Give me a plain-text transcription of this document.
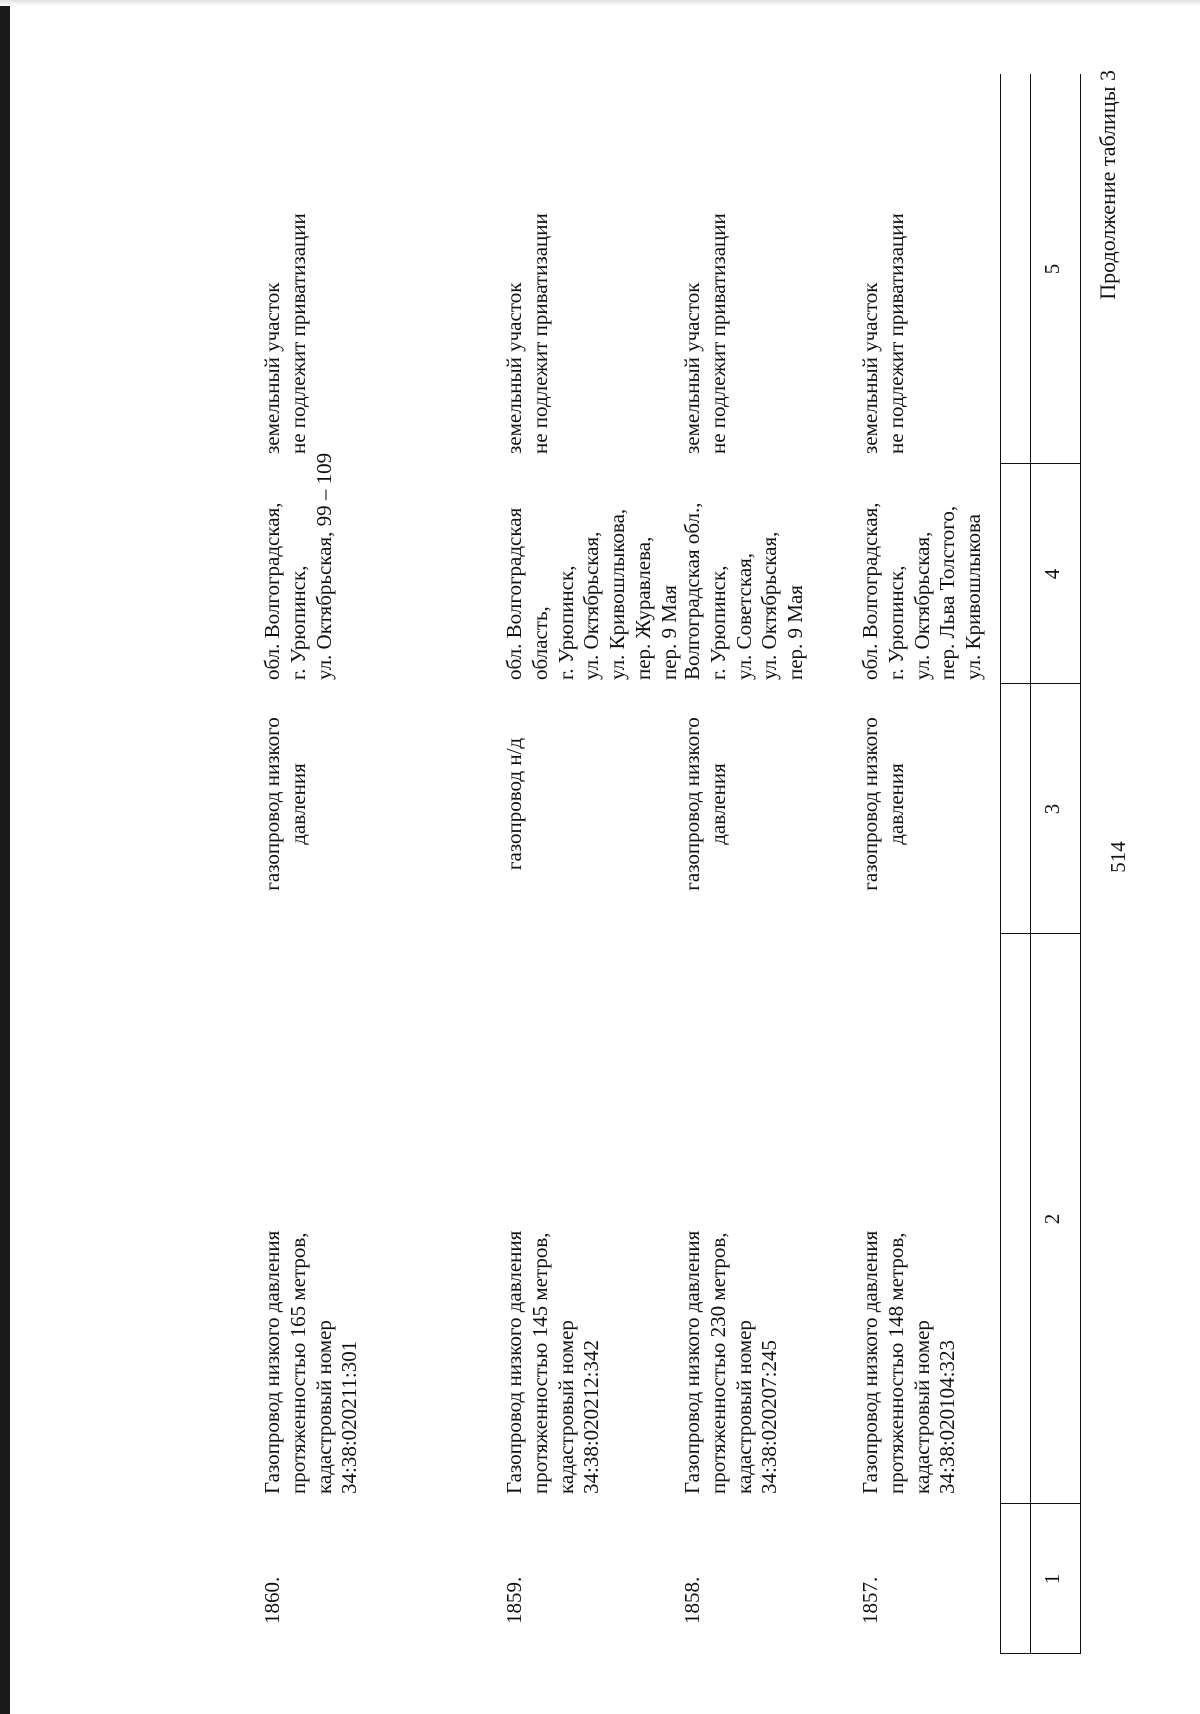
514
Продолжение таблицы 3
1
2
3
4
5
1857.
Газопровод низкого давления
протяженностью 148 метров,
кадастровый номер
34:38:020104:323
газопровод низкого
давления
обл. Волгоградская,
г. Урюпинск,
ул. Октябрьская,
пер. Льва Толстого,
ул. Кривошлыкова
земельный участок
не подлежит приватизации
1858.
Газопровод низкого давления
протяженностью 230 метров,
кадастровый номер
34:38:020207:245
газопровод низкого
давления
Волгоградская обл.,
г. Урюпинск,
ул. Советская,
ул. Октябрьская,
пер. 9 Мая
земельный участок
не подлежит приватизации
1859.
Газопровод низкого давления
протяженностью 145 метров,
кадастровый номер
34:38:020212:342
газопровод н/д
обл. Волгоградская
область,
г. Урюпинск,
ул. Октябрьская,
ул. Кривошлыкова,
пер. Журавлева,
пер. 9 Мая
земельный участок
не подлежит приватизации
1860.
Газопровод низкого давления
протяженностью 165 метров,
кадастровый номер
34:38:020211:301
газопровод низкого
давления
обл. Волгоградская,
г. Урюпинск,
ул. Октябрьская, 99 – 109
земельный участок
не подлежит приватизации
